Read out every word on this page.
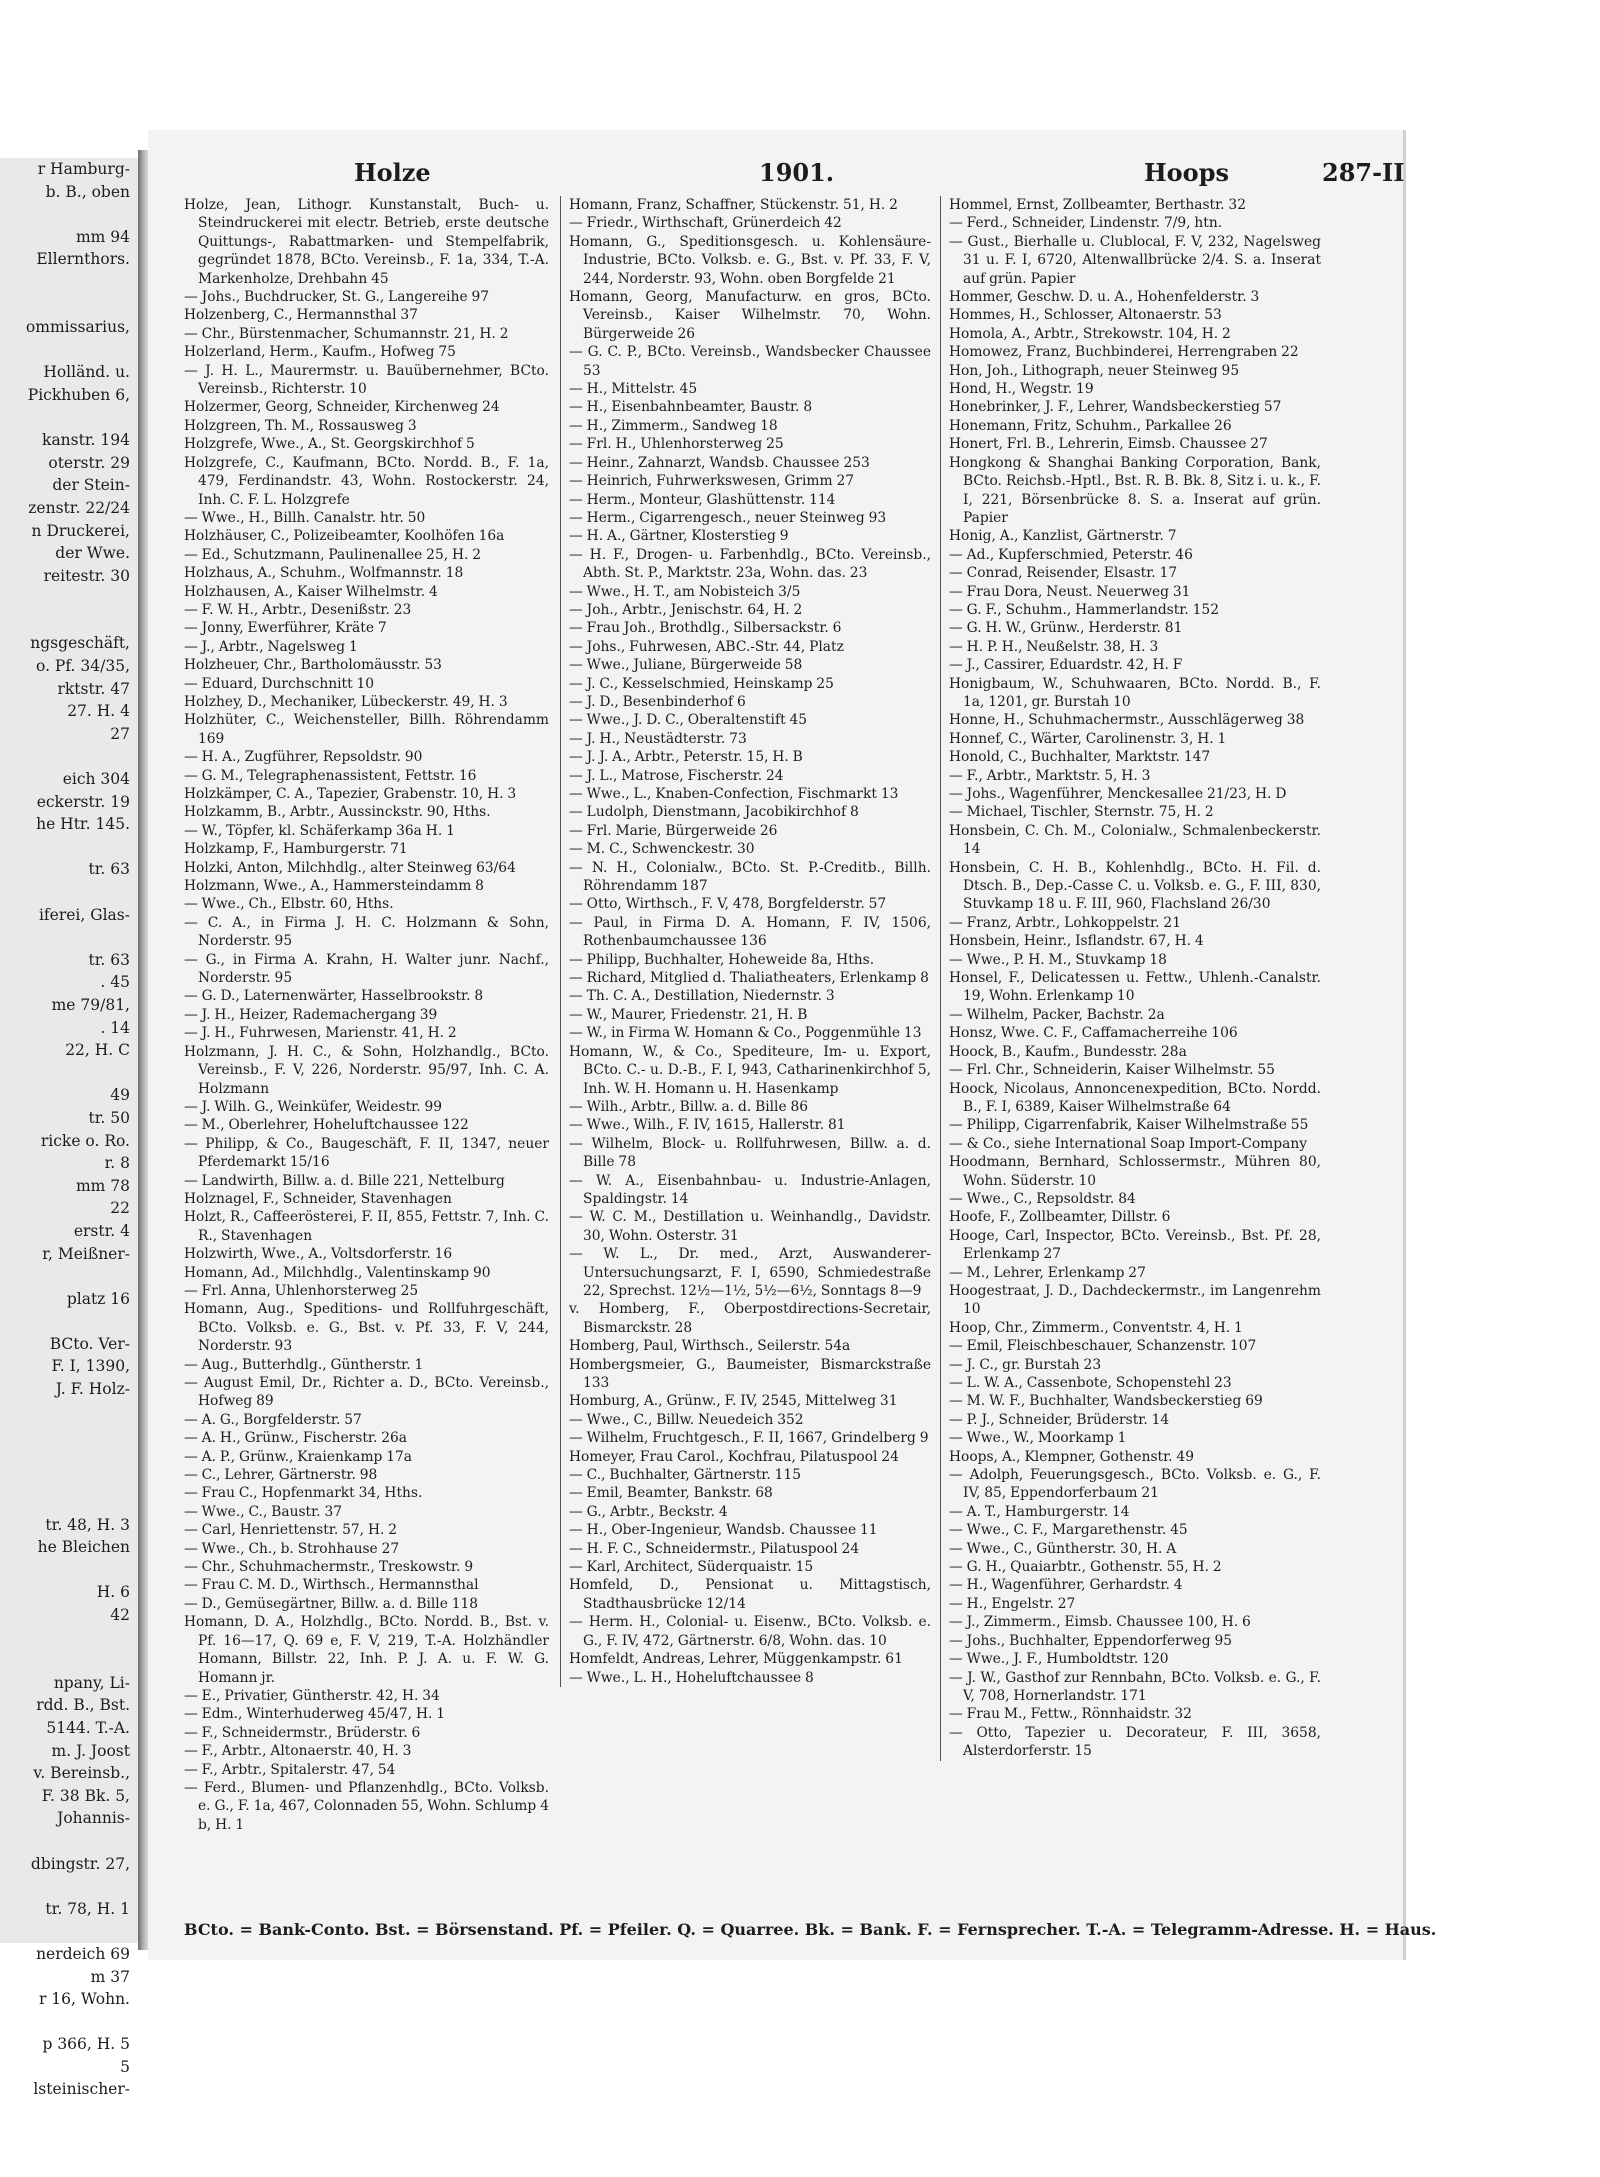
r Hamburg-
b. B., oben
mm 94
Ellernthors.
ommissarius,
Holländ. u.
Pickhuben 6,
kanstr. 194
oterstr. 29
der Stein-
zenstr. 22/24
n Druckerei,
der Wwe.
reitestr. 30
ngsgeschäft,
o. Pf. 34/35,
rktstr. 47
27. H. 4
27
eich 304
eckerstr. 19
he Htr. 145.
tr. 63
iferei, Glas-
tr. 63
. 45
me 79/81,
. 14
22, H. C
49
tr. 50
ricke o. Ro.
r. 8
mm 78
22
erstr. 4
r, Meißner-
platz 16
BCto. Ver-
F. I, 1390,
J. F. Holz-
tr. 48, H. 3
he Bleichen
H. 6
42
npany, Li-
rdd. B., Bst.
5144. T.-A.
m. J. Joost
v. Bereinsb.,
F. 38 Bk. 5,
Johannis-
dbingstr. 27,
tr. 78, H. 1
nerdeich 69
m 37
r 16, Wohn.
p 366, H. 5
5
lsteinischer-
Holze	1901.	Hoops	287-II

Holze, Jean, Lithogr. Kunstanstalt, Buch- u. Steindruckerei mit electr. Betrieb, erste deutsche Quittungs-, Rabattmarken- und Stempelfabrik, gegründet 1878, BCto. Vereinsb., F. 1a, 334, T.-A. Markenholze, Drehbahn 45

— Johs., Buchdrucker, St. G., Langereihe 97

Holzenberg, C., Hermannsthal 37

— Chr., Bürstenmacher, Schumannstr. 21, H. 2

Holzerland, Herm., Kaufm., Hofweg 75

— J. H. L., Maurermstr. u. Bauübernehmer, BCto. Vereinsb., Richterstr. 10

Holzermer, Georg, Schneider, Kirchenweg 24

Holzgreen, Th. M., Rossausweg 3

Holzgrefe, Wwe., A., St. Georgskirchhof 5

Holzgrefe, C., Kaufmann, BCto. Nordd. B., F. 1a, 479, Ferdinandstr. 43, Wohn. Rostockerstr. 24, Inh. C. F. L. Holzgrefe

— Wwe., H., Billh. Canalstr. htr. 50

Holzhäuser, C., Polizeibeamter, Koolhöfen 16a

— Ed., Schutzmann, Paulinenallee 25, H. 2

Holzhaus, A., Schuhm., Wolfmannstr. 18

Holzhausen, A., Kaiser Wilhelmstr. 4

— F. W. H., Arbtr., Desenißstr. 23

— Jonny, Ewerführer, Kräte 7

— J., Arbtr., Nagelsweg 1

Holzheuer, Chr., Bartholomäusstr. 53

— Eduard, Durchschnitt 10

Holzhey, D., Mechaniker, Lübeckerstr. 49, H. 3

Holzhüter, C., Weichensteller, Billh. Röhrendamm 169

— H. A., Zugführer, Repsoldstr. 90

— G. M., Telegraphenassistent, Fettstr. 16

Holzkämper, C. A., Tapezier, Grabenstr. 10, H. 3

Holzkamm, B., Arbtr., Aussinckstr. 90, Hths.

— W., Töpfer, kl. Schäferkamp 36a H. 1

Holzkamp, F., Hamburgerstr. 71

Holzki, Anton, Milchhdlg., alter Steinweg 63/64

Holzmann, Wwe., A., Hammersteindamm 8

— Wwe., Ch., Elbstr. 60, Hths.

— C. A., in Firma J. H. C. Holzmann & Sohn, Norderstr. 95

— G., in Firma A. Krahn, H. Walter junr. Nachf., Norderstr. 95

— G. D., Laternenwärter, Hasselbrookstr. 8

— J. H., Heizer, Rademachergang 39

— J. H., Fuhrwesen, Marienstr. 41, H. 2

Holzmann, J. H. C., & Sohn, Holzhandlg., BCto. Vereinsb., F. V, 226, Norderstr. 95/97, Inh. C. A. Holzmann

— J. Wilh. G., Weinküfer, Weidestr. 99

— M., Oberlehrer, Hoheluftchaussee 122

— Philipp, & Co., Baugeschäft, F. II, 1347, neuer Pferdemarkt 15/16

— Landwirth, Billw. a. d. Bille 221, Nettelburg

Holznagel, F., Schneider, Stavenhagen

Holzt, R., Caffeerösterei, F. II, 855, Fettstr. 7, Inh. C. R., Stavenhagen

Holzwirth, Wwe., A., Voltsdorferstr. 16

Homann, Ad., Milchhdlg., Valentinskamp 90

— Frl. Anna, Uhlenhorsterweg 25

Homann, Aug., Speditions- und Rollfuhrgeschäft, BCto. Volksb. e. G., Bst. v. Pf. 33, F. V, 244, Norderstr. 93

— Aug., Butterhdlg., Güntherstr. 1

— August Emil, Dr., Richter a. D., BCto. Vereinsb., Hofweg 89

— A. G., Borgfelderstr. 57

— A. H., Grünw., Fischerstr. 26a

— A. P., Grünw., Kraienkamp 17a

— C., Lehrer, Gärtnerstr. 98

— Frau C., Hopfenmarkt 34, Hths.

— Wwe., C., Baustr. 37

— Carl, Henriettenstr. 57, H. 2

— Wwe., Ch., b. Strohhause 27

— Chr., Schuhmachermstr., Treskowstr. 9

— Frau C. M. D., Wirthsch., Hermannsthal

— D., Gemüsegärtner, Billw. a. d. Bille 118

Homann, D. A., Holzhdlg., BCto. Nordd. B., Bst. v. Pf. 16—17, Q. 69 e, F. V, 219, T.-A. Holzhändler Homann, Billstr. 22, Inh. P. J. A. u. F. W. G. Homann jr.

— E., Privatier, Güntherstr. 42, H. 34

— Edm., Winterhuderweg 45/47, H. 1

— F., Schneidermstr., Brüderstr. 6

— F., Arbtr., Altonaerstr. 40, H. 3

— F., Arbtr., Spitalerstr. 47, 54

— Ferd., Blumen- und Pflanzenhdlg., BCto. Volksb. e. G., F. 1a, 467, Colonnaden 55, Wohn. Schlump 4 b, H. 1

Homann, Franz, Schaffner, Stückenstr. 51, H. 2

— Friedr., Wirthschaft, Grünerdeich 42

Homann, G., Speditionsgesch. u. Kohlensäure-Industrie, BCto. Volksb. e. G., Bst. v. Pf. 33, F. V, 244, Norderstr. 93, Wohn. oben Borgfelde 21

Homann, Georg, Manufacturw. en gros, BCto. Vereinsb., Kaiser Wilhelmstr. 70, Wohn. Bürgerweide 26

— G. C. P., BCto. Vereinsb., Wandsbecker Chaussee 53

— H., Mittelstr. 45

— H., Eisenbahnbeamter, Baustr. 8

— H., Zimmerm., Sandweg 18

— Frl. H., Uhlenhorsterweg 25

— Heinr., Zahnarzt, Wandsb. Chaussee 253

— Heinrich, Fuhrwerkswesen, Grimm 27

— Herm., Monteur, Glashüttenstr. 114

— Herm., Cigarrengesch., neuer Steinweg 93

— H. A., Gärtner, Klosterstieg 9

— H. F., Drogen- u. Farbenhdlg., BCto. Vereinsb., Abth. St. P., Marktstr. 23a, Wohn. das. 23

— Wwe., H. T., am Nobisteich 3/5

— Joh., Arbtr., Jenischstr. 64, H. 2

— Frau Joh., Brothdlg., Silbersackstr. 6

— Johs., Fuhrwesen, ABC.-Str. 44, Platz

— Wwe., Juliane, Bürgerweide 58

— J. C., Kesselschmied, Heinskamp 25

— J. D., Besenbinderhof 6

— Wwe., J. D. C., Oberaltenstift 45

— J. H., Neustädterstr. 73

— J. J. A., Arbtr., Peterstr. 15, H. B

— J. L., Matrose, Fischerstr. 24

— Wwe., L., Knaben-Confection, Fischmarkt 13

— Ludolph, Dienstmann, Jacobikirchhof 8

— Frl. Marie, Bürgerweide 26

— M. C., Schwenckestr. 30

— N. H., Colonialw., BCto. St. P.-Creditb., Billh. Röhrendamm 187

— Otto, Wirthsch., F. V, 478, Borgfelderstr. 57

— Paul, in Firma D. A. Homann, F. IV, 1506, Rothenbaumchaussee 136

— Philipp, Buchhalter, Hoheweide 8a, Hths.

— Richard, Mitglied d. Thaliatheaters, Erlenkamp 8

— Th. C. A., Destillation, Niedernstr. 3

— W., Maurer, Friedenstr. 21, H. B

— W., in Firma W. Homann & Co., Poggenmühle 13

Homann, W., & Co., Spediteure, Im- u. Export, BCto. C.- u. D.-B., F. I, 943, Catharinenkirchhof 5, Inh. W. H. Homann u. H. Hasenkamp

— Wilh., Arbtr., Billw. a. d. Bille 86

— Wwe., Wilh., F. IV, 1615, Hallerstr. 81

— Wilhelm, Block- u. Rollfuhrwesen, Billw. a. d. Bille 78

— W. A., Eisenbahnbau- u. Industrie-Anlagen, Spaldingstr. 14

— W. C. M., Destillation u. Weinhandlg., Davidstr. 30, Wohn. Osterstr. 31

— W. L., Dr. med., Arzt, Auswanderer-Untersuchungsarzt, F. I, 6590, Schmiedestraße 22, Sprechst. 12½—1½, 5½—6½, Sonntags 8—9

v. Homberg, F., Oberpostdirections-Secretair, Bismarckstr. 28

Homberg, Paul, Wirthsch., Seilerstr. 54a

Hombergsmeier, G., Baumeister, Bismarckstraße 133

Homburg, A., Grünw., F. IV, 2545, Mittelweg 31

— Wwe., C., Billw. Neuedeich 352

— Wilhelm, Fruchtgesch., F. II, 1667, Grindelberg 9

Homeyer, Frau Carol., Kochfrau, Pilatuspool 24

— C., Buchhalter, Gärtnerstr. 115

— Emil, Beamter, Bankstr. 68

— G., Arbtr., Beckstr. 4

— H., Ober-Ingenieur, Wandsb. Chaussee 11

— H. F. C., Schneidermstr., Pilatuspool 24

— Karl, Architect, Süderquaistr. 15

Homfeld, D., Pensionat u. Mittagstisch, Stadthausbrücke 12/14

— Herm. H., Colonial- u. Eisenw., BCto. Volksb. e. G., F. IV, 472, Gärtnerstr. 6/8, Wohn. das. 10

Homfeldt, Andreas, Lehrer, Müggenkampstr. 61

— Wwe., L. H., Hoheluftchaussee 8

Hommel, Ernst, Zollbeamter, Berthastr. 32

— Ferd., Schneider, Lindenstr. 7/9, htn.

— Gust., Bierhalle u. Clublocal, F. V, 232, Nagelsweg 31 u. F. I, 6720, Altenwallbrücke 2/4. S. a. Inserat auf grün. Papier

Hommer, Geschw. D. u. A., Hohenfelderstr. 3

Hommes, H., Schlosser, Altonaerstr. 53

Homola, A., Arbtr., Strekowstr. 104, H. 2

Homowez, Franz, Buchbinderei, Herrengraben 22

Hon, Joh., Lithograph, neuer Steinweg 95

Hond, H., Wegstr. 19

Honebrinker, J. F., Lehrer, Wandsbeckerstieg 57

Honemann, Fritz, Schuhm., Parkallee 26

Honert, Frl. B., Lehrerin, Eimsb. Chaussee 27

Hongkong & Shanghai Banking Corporation, Bank, BCto. Reichsb.-Hptl., Bst. R. B. Bk. 8, Sitz i. u. k., F. I, 221, Börsenbrücke 8. S. a. Inserat auf grün. Papier

Honig, A., Kanzlist, Gärtnerstr. 7

— Ad., Kupferschmied, Peterstr. 46

— Conrad, Reisender, Elsastr. 17

— Frau Dora, Neust. Neuerweg 31

— G. F., Schuhm., Hammerlandstr. 152

— G. H. W., Grünw., Herderstr. 81

— H. P. H., Neußelstr. 38, H. 3

— J., Cassirer, Eduardstr. 42, H. F

Honigbaum, W., Schuhwaaren, BCto. Nordd. B., F. 1a, 1201, gr. Burstah 10

Honne, H., Schuhmachermstr., Ausschlägerweg 38

Honnef, C., Wärter, Carolinenstr. 3, H. 1

Honold, C., Buchhalter, Marktstr. 147

— F., Arbtr., Marktstr. 5, H. 3

— Johs., Wagenführer, Menckesallee 21/23, H. D

— Michael, Tischler, Sternstr. 75, H. 2

Honsbein, C. Ch. M., Colonialw., Schmalenbeckerstr. 14

Honsbein, C. H. B., Kohlenhdlg., BCto. H. Fil. d. Dtsch. B., Dep.-Casse C. u. Volksb. e. G., F. III, 830, Stuvkamp 18 u. F. III, 960, Flachsland 26/30

— Franz, Arbtr., Lohkoppelstr. 21

Honsbein, Heinr., Isflandstr. 67, H. 4

— Wwe., P. H. M., Stuvkamp 18

Honsel, F., Delicatessen u. Fettw., Uhlenh.-Canalstr. 19, Wohn. Erlenkamp 10

— Wilhelm, Packer, Bachstr. 2a

Honsz, Wwe. C. F., Caffamacherreihe 106

Hoock, B., Kaufm., Bundesstr. 28a

— Frl. Chr., Schneiderin, Kaiser Wilhelmstr. 55

Hoock, Nicolaus, Annoncenexpedition, BCto. Nordd. B., F. I, 6389, Kaiser Wilhelmstraße 64

— Philipp, Cigarrenfabrik, Kaiser Wilhelmstraße 55

— & Co., siehe International Soap Import-Company

Hoodmann, Bernhard, Schlossermstr., Mühren 80, Wohn. Süderstr. 10

— Wwe., C., Repsoldstr. 84

Hoofe, F., Zollbeamter, Dillstr. 6

Hooge, Carl, Inspector, BCto. Vereinsb., Bst. Pf. 28, Erlenkamp 27

— M., Lehrer, Erlenkamp 27

Hoogestraat, J. D., Dachdeckermstr., im Langenrehm 10

Hoop, Chr., Zimmerm., Conventstr. 4, H. 1

— Emil, Fleischbeschauer, Schanzenstr. 107

— J. C., gr. Burstah 23

— L. W. A., Cassenbote, Schopenstehl 23

— M. W. F., Buchhalter, Wandsbeckerstieg 69

— P. J., Schneider, Brüderstr. 14

— Wwe., W., Moorkamp 1

Hoops, A., Klempner, Gothenstr. 49

— Adolph, Feuerungsgesch., BCto. Volksb. e. G., F. IV, 85, Eppendorferbaum 21

— A. T., Hamburgerstr. 14

— Wwe., C. F., Margarethenstr. 45

— Wwe., C., Güntherstr. 30, H. A

— G. H., Quaiarbtr., Gothenstr. 55, H. 2

— H., Wagenführer, Gerhardstr. 4

— H., Engelstr. 27

— J., Zimmerm., Eimsb. Chaussee 100, H. 6

— Johs., Buchhalter, Eppendorferweg 95

— Wwe., J. F., Humboldtstr. 120

— J. W., Gasthof zur Rennbahn, BCto. Volksb. e. G., F. V, 708, Hornerlandstr. 171

— Frau M., Fettw., Rönnhaidstr. 32

— Otto, Tapezier u. Decorateur, F. III, 3658, Alsterdorferstr. 15

BCto. = Bank-Conto. Bst. = Börsenstand. Pf. = Pfeiler. Q. = Quarree. Bk. = Bank. F. = Fernsprecher. T.-A. = Telegramm-Adresse. H. = Haus.
